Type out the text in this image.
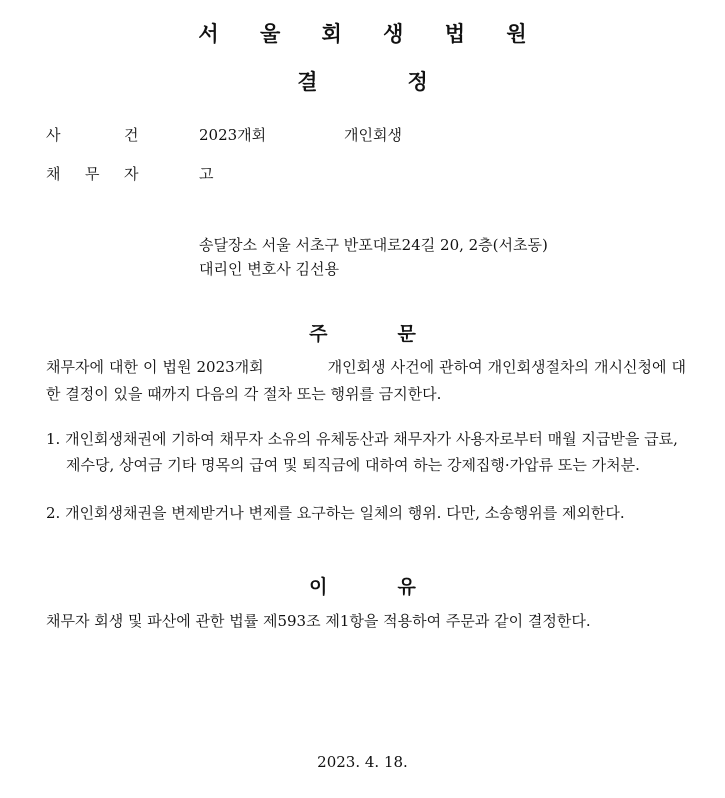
서 울 회 생 법 원
결	정
사	건	2023개회	개인회생
채 무 자	고
송달장소 서울 서초구 반포대로24길 20, 2층(서초동)
대리인 변호사 김선용
주	문
채무자에 대한 이 법원 2023개회	개인회생 사건에 관하여 개인회생절차의 개시신청에 대한 결정이 있을 때까지 다음의 각 절차 또는 행위를 금지한다.
1. 개인회생채권에 기하여 채무자 소유의 유체동산과 채무자가 사용자로부터 매월 지급받을 급료, 제수당, 상여금 기타 명목의 급여 및 퇴직금에 대하여 하는 강제집행·가압류 또는 가처분.
2. 개인회생채권을 변제받거나 변제를 요구하는 일체의 행위. 다만, 소송행위를 제외한다.
이	유
채무자 회생 및 파산에 관한 법률 제593조 제1항을 적용하여 주문과 같이 결정한다.
2023. 4. 18.
